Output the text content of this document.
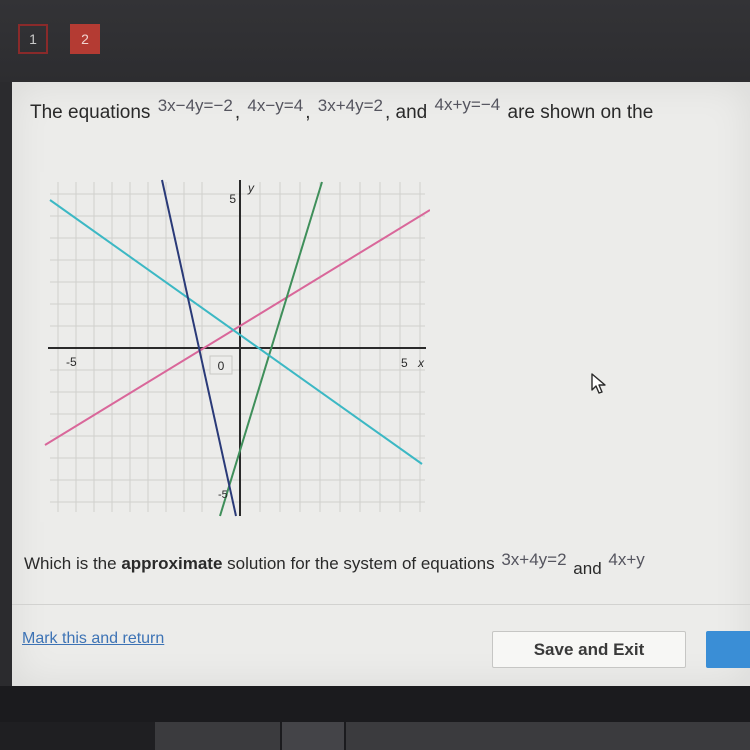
1	2
The equations 3x−4y=−2 , 4x−y=4 , 3x+4y=2 , and 4x+y=−4 are shown on the
5
y
-5	0	5 x
-5
Which is the approximate solution for the system of equations 3x+4y=2 and 4x+y
Mark this and return
Save and Exit
